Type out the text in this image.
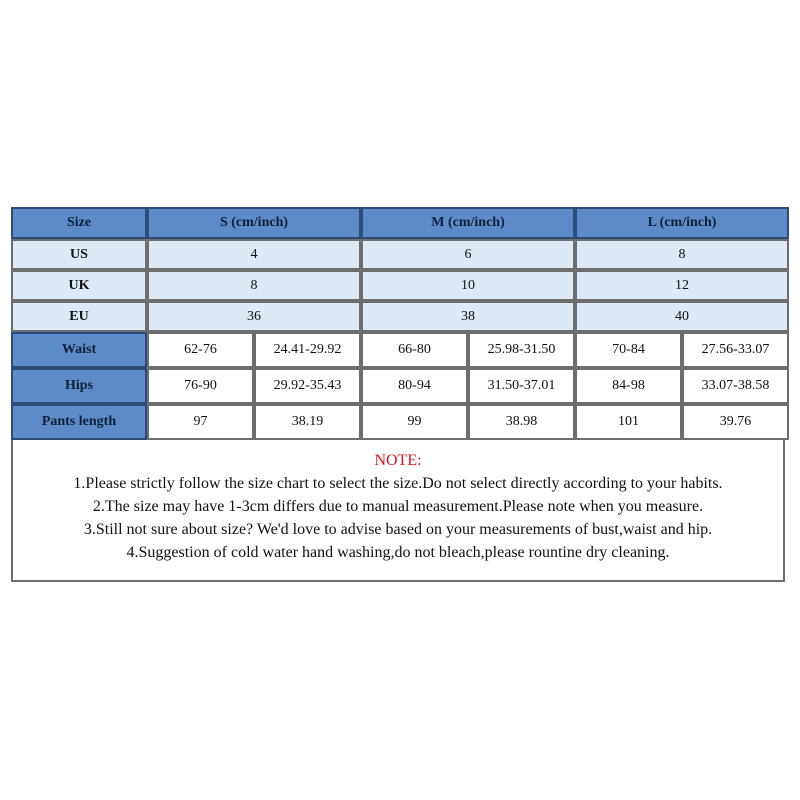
Size	S (cm/inch)		M (cm/inch)		L (cm/inch)	
US	4		6		8	
UK	8		10		12	
EU	36		38		40	
Waist	62-76	24.41-29.92	66-80	25.98-31.50	70-84	27.56-33.07
Hips	76-90	29.92-35.43	80-94	31.50-37.01	84-98	33.07-38.58
Pants length	97	38.19	99	38.98	101	39.76
NOTE:
1.Please strictly follow the size chart to select the size.Do not select directly according to your habits.
2.The size may have 1-3cm differs due to manual measurement.Please note when you measure.
3.Still not sure about size? We'd love to advise based on your measurements of bust,waist and hip.
4.Suggestion of cold water hand washing,do not bleach,please rountine dry cleaning.
